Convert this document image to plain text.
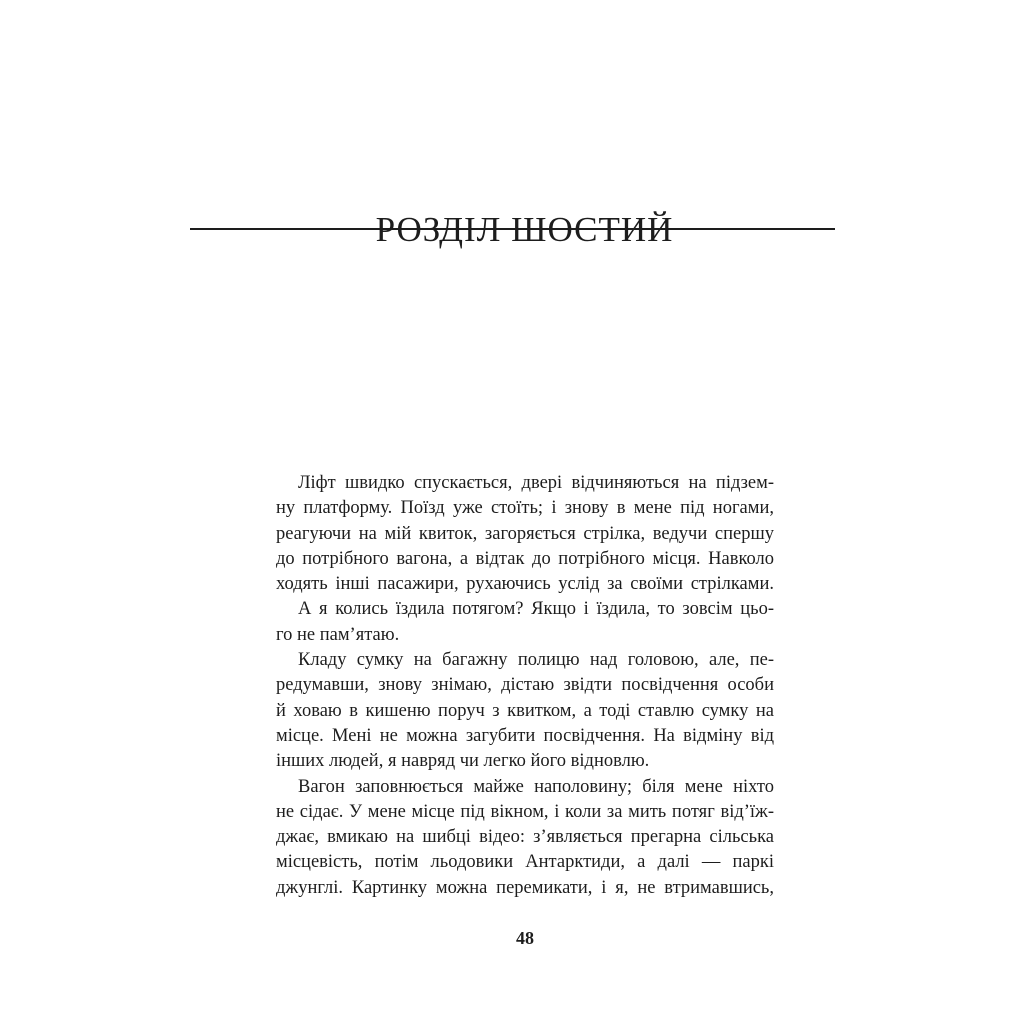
РОЗДІЛ ШОСТИЙ
Ліфт швидко спускається, двері відчиняються на підзем-
ну платформу. Поїзд уже стоїть; і знову в мене під ногами,
реагуючи на мій квиток, загоряється стрілка, ведучи спершу
до потрібного вагона, а відтак до потрібного місця. Навколо
ходять інші пасажири, рухаючись услід за своїми стрілками.
А я колись їздила потягом? Якщо і їздила, то зовсім цьо-
го не пам’ятаю.
Кладу сумку на багажну полицю над головою, але, пе-
редумавши, знову знімаю, дістаю звідти посвідчення особи
й ховаю в кишеню поруч з квитком, а тоді ставлю сумку на
місце. Мені не можна загубити посвідчення. На відміну від
інших людей, я навряд чи легко його відновлю.
Вагон заповнюється майже наполовину; біля мене ніхто
не сідає. У мене місце під вікном, і коли за мить потяг від’їж-
джає, вмикаю на шибці відео: з’являється прегарна сільська
місцевість, потім льодовики Антарктиди, а далі — паркі
джунглі. Картинку можна перемикати, і я, не втримавшись,
48
